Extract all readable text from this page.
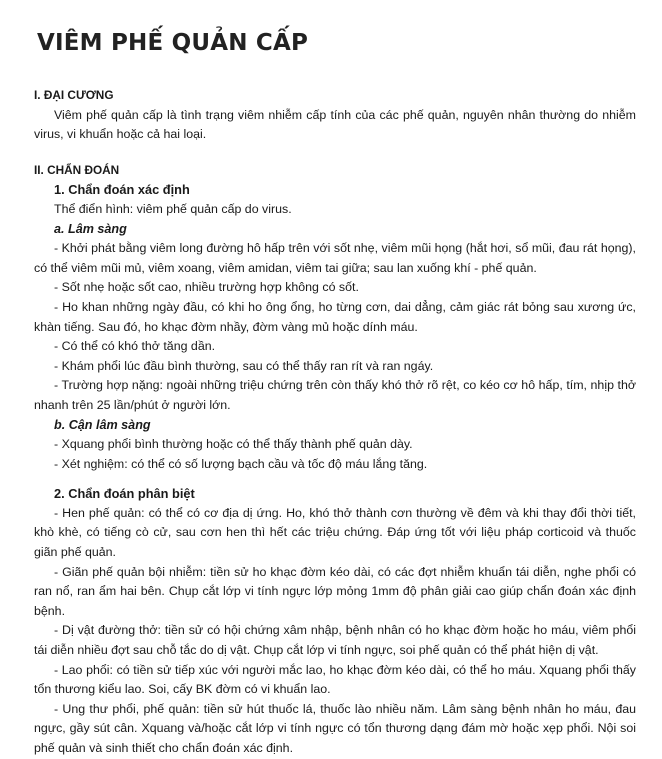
VIÊM PHẾ QUẢN CẤP
I. ĐẠI CƯƠNG

Viêm phế quản cấp là tình trạng viêm nhiễm cấp tính của các phế quản, nguyên nhân thường do nhiễm virus, vi khuẩn hoặc cả hai loại.

II. CHẨN ĐOÁN
1. Chẩn đoán xác định

Thể điển hình: viêm phế quản cấp do virus.

a. Lâm sàng

- Khởi phát bằng viêm long đường hô hấp trên với sốt nhẹ, viêm mũi họng (hắt hơi, sổ mũi, đau rát họng), có thể viêm mũi mủ, viêm xoang, viêm amidan, viêm tai giữa; sau lan xuống khí - phế quản.

- Sốt nhẹ hoặc sốt cao, nhiều trường hợp không có sốt.

- Ho khan những ngày đầu, có khi ho ông ổng, ho từng cơn, dai dẳng, cảm giác rát bỏng sau xương ức, khàn tiếng. Sau đó, ho khạc đờm nhầy, đờm vàng mủ hoặc dính máu.

- Có thể có khó thở tăng dần.

- Khám phổi lúc đầu bình thường, sau có thể thấy ran rít và ran ngáy.

- Trường hợp nặng: ngoài những triệu chứng trên còn thấy khó thở rõ rệt, co kéo cơ hô hấp, tím, nhịp thở nhanh trên 25 lần/phút ở người lớn.

b. Cận lâm sàng

- Xquang phổi bình thường hoặc có thể thấy thành phế quản dày.

- Xét nghiệm: có thể có số lượng bạch cầu và tốc độ máu lắng tăng.

2. Chẩn đoán phân biệt

- Hen phế quản: có thể có cơ địa dị ứng. Ho, khó thở thành cơn thường về đêm và khi thay đổi thời tiết, khò khè, có tiếng cò cử, sau cơn hen thì hết các triệu chứng. Đáp ứng tốt với liệu pháp corticoid và thuốc giãn phế quản.

- Giãn phế quản bội nhiễm: tiền sử ho khạc đờm kéo dài, có các đợt nhiễm khuẩn tái diễn, nghe phổi có ran nổ, ran ẩm hai bên. Chụp cắt lớp vi tính ngực lớp mỏng 1mm độ phân giải cao giúp chẩn đoán xác định bệnh.

- Dị vật đường thở: tiền sử có hội chứng xâm nhập, bệnh nhân có ho khạc đờm hoặc ho máu, viêm phổi tái diễn nhiều đợt sau chỗ tắc do dị vật. Chụp cắt lớp vi tính ngực, soi phế quản có thể phát hiện dị vật.

- Lao phổi: có tiền sử tiếp xúc với người mắc lao, ho khạc đờm kéo dài, có thể ho máu. Xquang phổi thấy tổn thương kiểu lao. Soi, cấy BK đờm có vi khuẩn lao.

- Ung thư phổi, phế quản: tiền sử hút thuốc lá, thuốc lào nhiều năm. Lâm sàng bệnh nhân ho máu, đau ngực, gầy sút cân. Xquang và/hoặc cắt lớp vi tính ngực có tổn thương dạng đám mờ hoặc xẹp phổi. Nội soi phế quản và sinh thiết cho chẩn đoán xác định.
